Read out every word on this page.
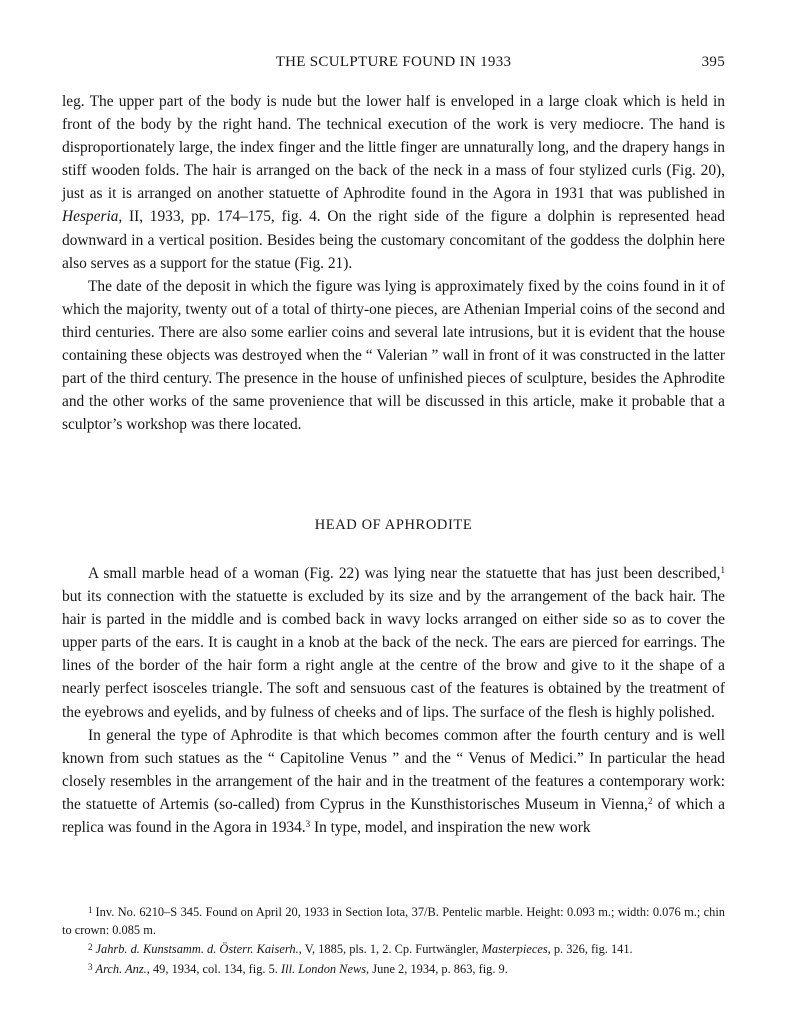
THE SCULPTURE FOUND IN 1933	395

leg. The upper part of the body is nude but the lower half is enveloped in a large cloak which is held in front of the body by the right hand. The technical execution of the work is very mediocre. The hand is disproportionately large, the index finger and the little finger are unnaturally long, and the drapery hangs in stiff wooden folds. The hair is arranged on the back of the neck in a mass of four stylized curls (Fig. 20), just as it is arranged on another statuette of Aphrodite found in the Agora in 1931 that was published in Hesperia, II, 1933, pp. 174–175, fig. 4. On the right side of the figure a dolphin is represented head downward in a vertical position. Besides being the customary concomitant of the goddess the dolphin here also serves as a support for the statue (Fig. 21).

The date of the deposit in which the figure was lying is approximately fixed by the coins found in it of which the majority, twenty out of a total of thirty-one pieces, are Athenian Imperial coins of the second and third centuries. There are also some earlier coins and several late intrusions, but it is evident that the house containing these objects was destroyed when the “ Valerian ” wall in front of it was constructed in the latter part of the third century. The presence in the house of unfinished pieces of sculpture, besides the Aphrodite and the other works of the same provenience that will be discussed in this article, make it probable that a sculptor’s workshop was there located.

HEAD OF APHRODITE

A small marble head of a woman (Fig. 22) was lying near the statuette that has just been described,$^1$ but its connection with the statuette is excluded by its size and by the arrangement of the back hair. The hair is parted in the middle and is combed back in wavy locks arranged on either side so as to cover the upper parts of the ears. It is caught in a knob at the back of the neck. The ears are pierced for earrings. The lines of the border of the hair form a right angle at the centre of the brow and give to it the shape of a nearly perfect isosceles triangle. The soft and sensuous cast of the features is obtained by the treatment of the eyebrows and eyelids, and by fulness of cheeks and of lips. The surface of the flesh is highly polished.

In general the type of Aphrodite is that which becomes common after the fourth century and is well known from such statues as the “ Capitoline Venus ” and the “ Venus of Medici.” In particular the head closely resembles in the arrangement of the hair and in the treatment of the features a contemporary work: the statuette of Artemis (so-called) from Cyprus in the Kunsthistorisches Museum in Vienna,$^2$ of which a replica was found in the Agora in 1934.$^3$ In type, model, and inspiration the new work

$^1$ Inv. No. 6210–S 345. Found on April 20, 1933 in Section Iota, 37/B. Pentelic marble. Height: 0.093 m.; width: 0.076 m.; chin to crown: 0.085 m.

$^2$ Jahrb. d. Kunstsamm. d. Österr. Kaiserh., V, 1885, pls. 1, 2. Cp. Furtwängler, Masterpieces, p. 326, fig. 141.

$^3$ Arch. Anz., 49, 1934, col. 134, fig. 5. Ill. London News, June 2, 1934, p. 863, fig. 9.
